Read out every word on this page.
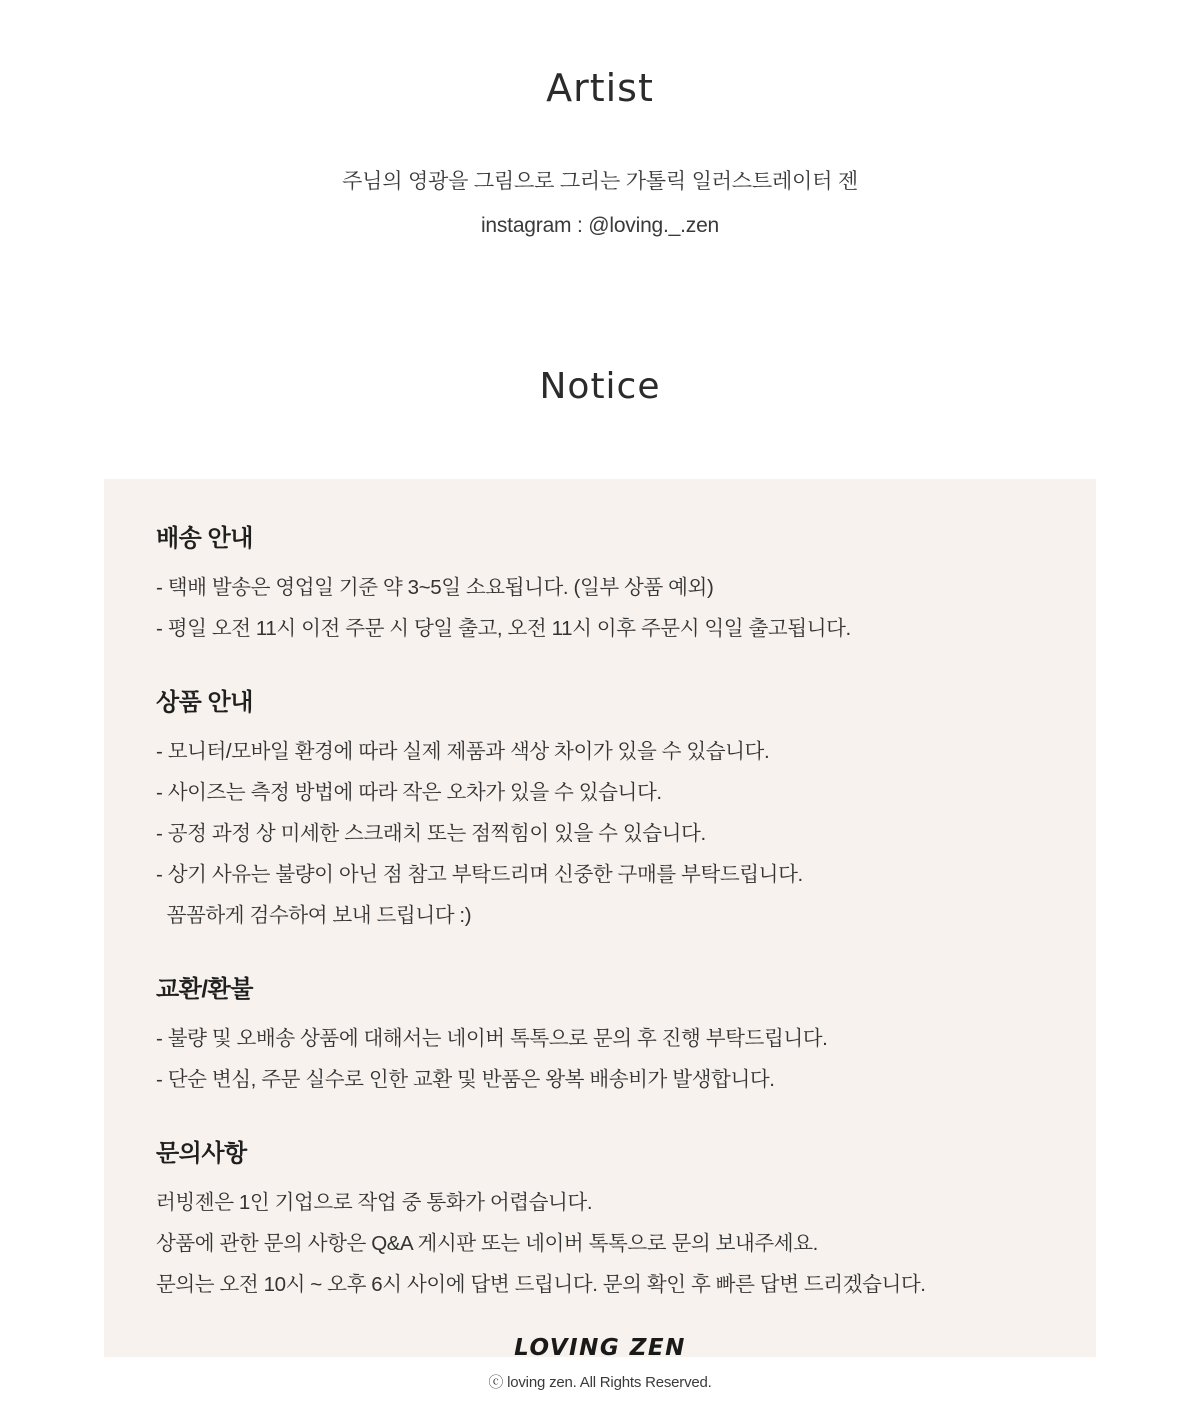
Artist
주님의 영광을 그림으로 그리는 가톨릭 일러스트레이터 젠
instagram : @loving._.zen
Notice
배송 안내
- 택배 발송은 영업일 기준 약 3~5일 소요됩니다. (일부 상품 예외)
- 평일 오전 11시 이전 주문 시 당일 출고, 오전 11시 이후 주문시 익일 출고됩니다.
상품 안내
- 모니터/모바일 환경에 따라 실제 제품과 색상 차이가 있을 수 있습니다.
- 사이즈는 측정 방법에 따라 작은 오차가 있을 수 있습니다.
- 공정 과정 상 미세한 스크래치 또는 점찍힘이 있을 수 있습니다.
- 상기 사유는 불량이 아닌 점 참고 부탁드리며 신중한 구매를 부탁드립니다.
꼼꼼하게 검수하여 보내 드립니다 :)
교환/환불
- 불량 및 오배송 상품에 대해서는 네이버 톡톡으로 문의 후 진행 부탁드립니다.
- 단순 변심, 주문 실수로 인한 교환 및 반품은 왕복 배송비가 발생합니다.
문의사항
러빙젠은 1인 기업으로 작업 중 통화가 어렵습니다.
상품에 관한 문의 사항은 Q&A 게시판 또는 네이버 톡톡으로 문의 보내주세요.
문의는 오전 10시 ~ 오후 6시 사이에 답변 드립니다. 문의 확인 후 빠른 답변 드리겠습니다.
LOVING ZEN
ⓒ loving zen. All Rights Reserved.
